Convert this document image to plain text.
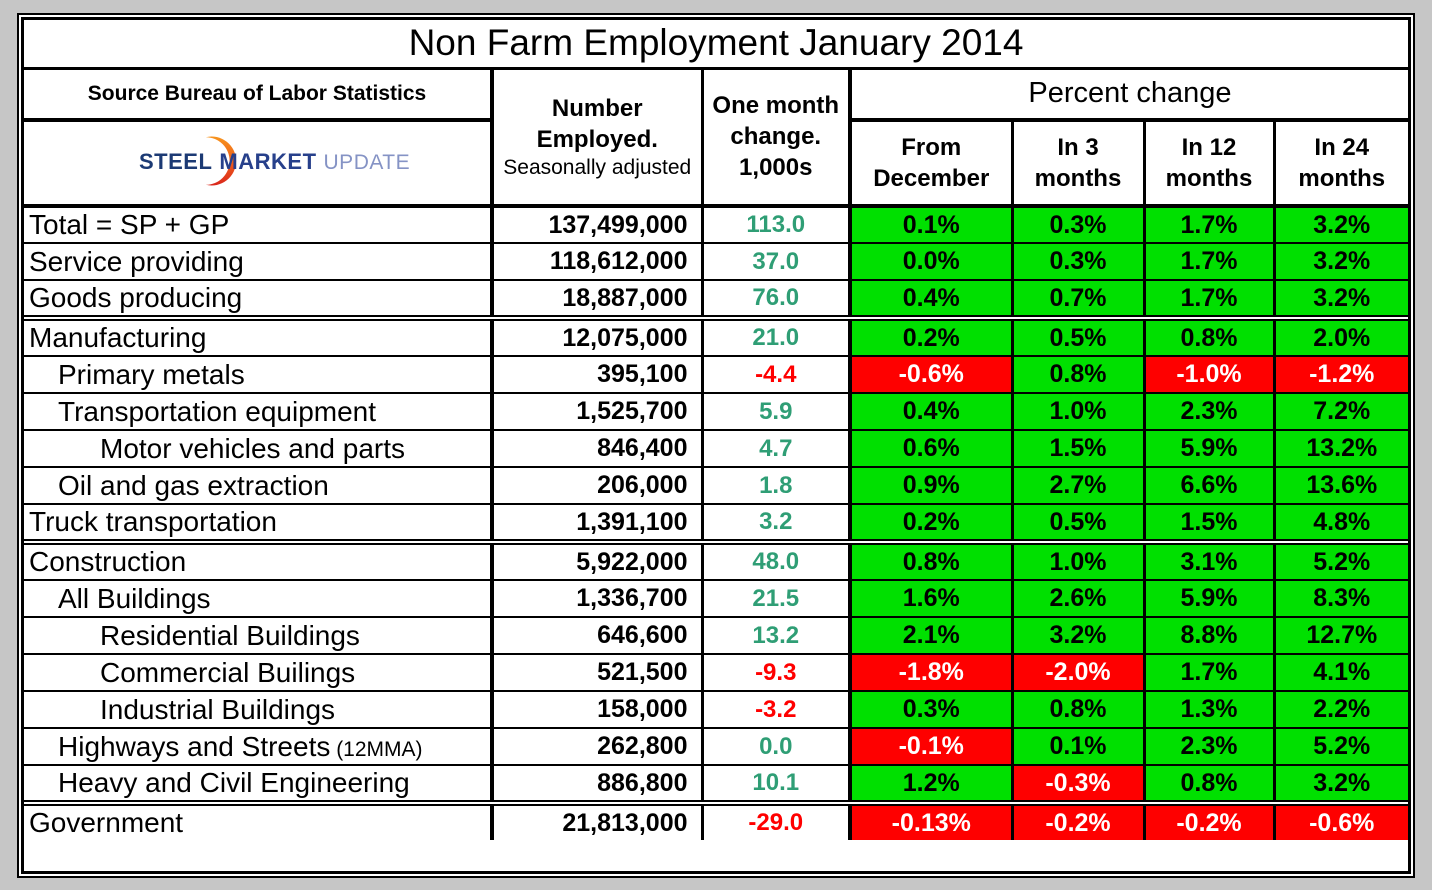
Non Farm Employment January 2014						
Source Bureau of Labor Statistics	
Number
Employed.
Seasonally adjusted

One month
change.
1,000s
	Percent change

STEEL MARKET UPDATE

From
December

In 3
months

In 12
months

In 24
months

Total = SP + GP	137,499,000	113.0	0.1%	0.3%	1.7%	3.2%
Service providing	118,612,000	37.0	0.0%	0.3%	1.7%	3.2%
Goods producing	18,887,000	76.0	0.4%	0.7%	1.7%	3.2%
Manufacturing	12,075,000	21.0	0.2%	0.5%	0.8%	2.0%
Primary metals	395,100	-4.4	-0.6%	0.8%	-1.0%	-1.2%
Transportation equipment	1,525,700	5.9	0.4%	1.0%	2.3%	7.2%
Motor vehicles and parts	846,400	4.7	0.6%	1.5%	5.9%	13.2%
Oil and gas extraction	206,000	1.8	0.9%	2.7%	6.6%	13.6%
Truck transportation	1,391,100	3.2	0.2%	0.5%	1.5%	4.8%
Construction	5,922,000	48.0	0.8%	1.0%	3.1%	5.2%
All Buildings	1,336,700	21.5	1.6%	2.6%	5.9%	8.3%
Residential Buildings	646,600	13.2	2.1%	3.2%	8.8%	12.7%
Commercial Builings	521,500	-9.3	-1.8%	-2.0%	1.7%	4.1%
Industrial Buildings	158,000	-3.2	0.3%	0.8%	1.3%	2.2%
Highways and Streets (12MMA)	262,800	0.0	-0.1%	0.1%	2.3%	5.2%
Heavy and Civil Engineering	886,800	10.1	1.2%	-0.3%	0.8%	3.2%
Government	21,813,000	-29.0	-0.13%	-0.2%	-0.2%	-0.6%
